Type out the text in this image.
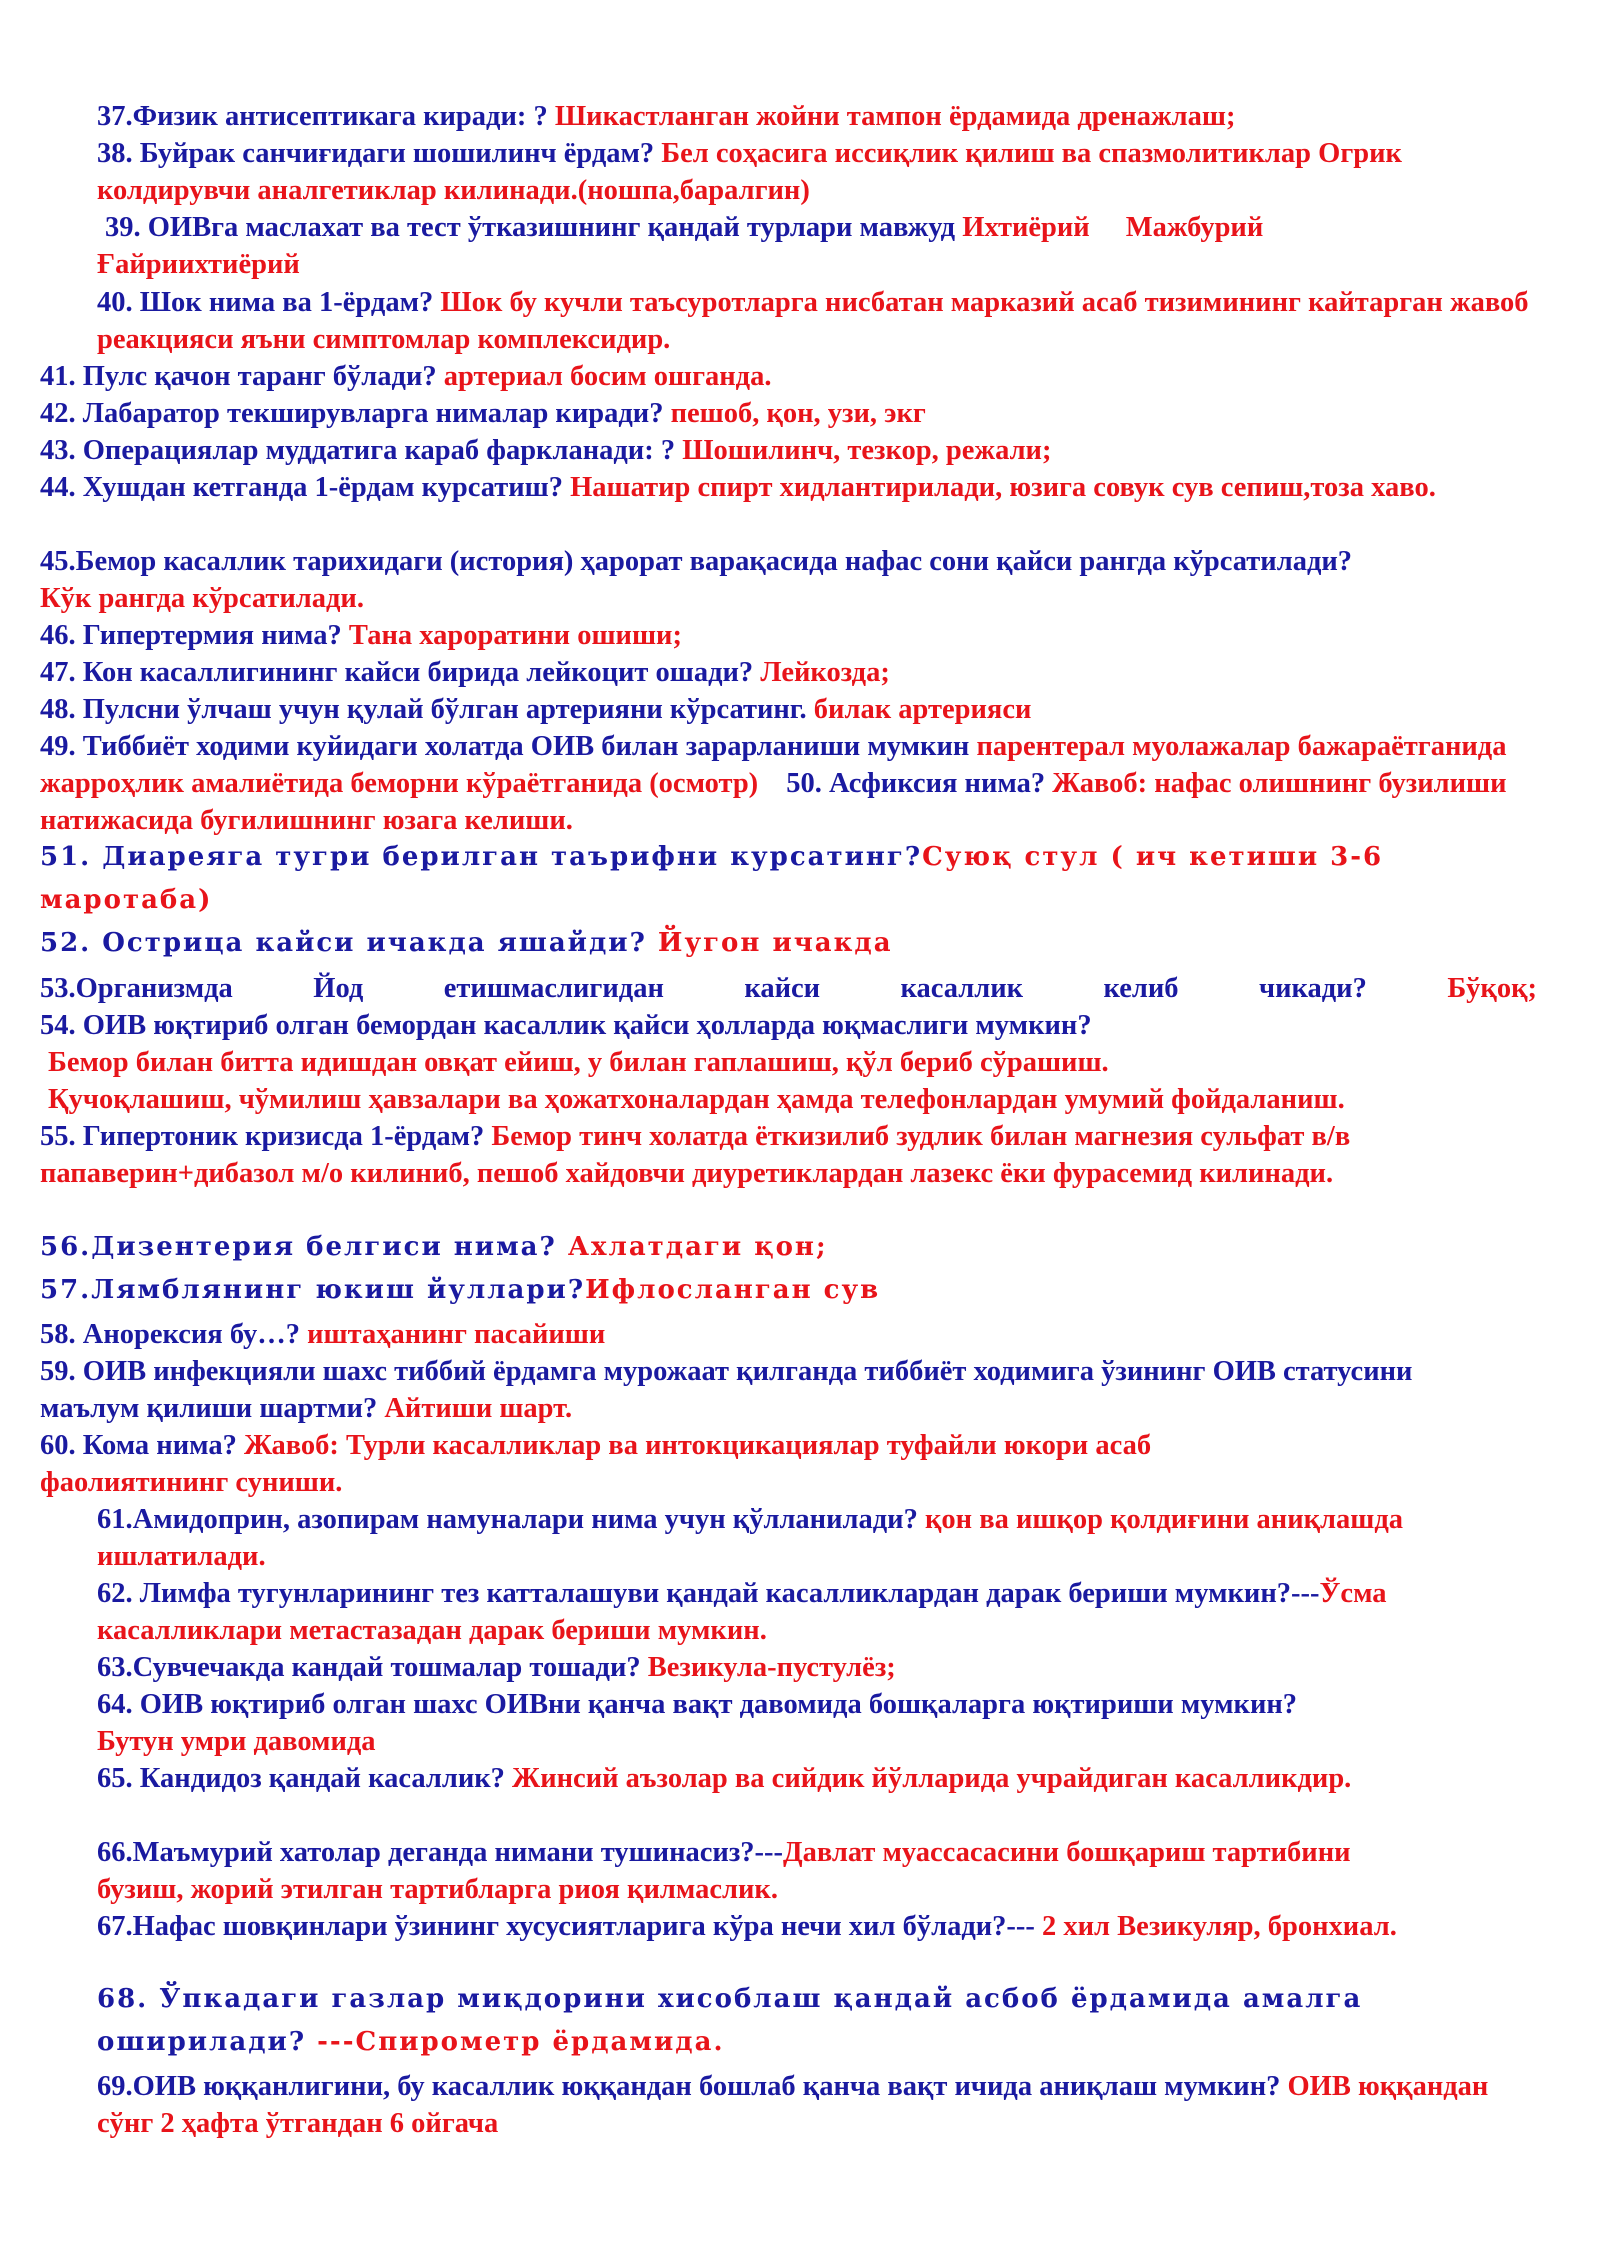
37.Физик антисептикага киради: ? Шикастланган жойни тампон ёрдамида дренажлаш;

38. Буйрак санчиғидаги шошилинч ёрдам? Бел соҳасига иссиқлик қилиш ва спазмолитиклар Огрик колдирувчи аналгетиклар килинади.(ношпа,баралгин)

39. ОИВга маслахат ва тест ўтказишнинг қандай турлари мавжуд Ихтиёрий Мажбурий
Ғайриихтиёрий

40. Шок нима ва 1-ёрдам? Шок бу кучли таъсуротларга нисбатан марказий асаб тизимининг кайтарган жавоб реакцияси яъни симптомлар комплексидир.

41. Пулс қачон таранг бўлади? артериал босим ошганда.

42. Лабаратор текширувларга нималар киради? пешоб, қон, узи, экг

43. Операциялар муддатига караб фаркланади: ? Шошилинч, тезкор, режали;

44. Хушдан кетганда 1-ёрдам курсатиш? Нашатир спирт хидлантирилади, юзига совук сув сепиш,тоза хаво.

45.Бемор касаллик тарихидаги (история) ҳарорат варақасида нафас сони қайси рангда кўрсатилади? Кўк рангда кўрсатилади.

46. Гипертермия нима? Тана хароратини ошиши;

47. Кон касаллигининг кайси бирида лейкоцит ошади? Лейкозда;

48. Пулсни ўлчаш учун қулай бўлган артерияни кўрсатинг. билак артерияси

49. Тиббиёт ходими куйидаги холатда ОИВ билан зарарланиши мумкин парентерал муолажалар бажараётганида жарроҳлик амалиётида беморни кўраётганида (осмотр) 50. Асфиксия нима? Жавоб: нафас олишнинг бузилиши натижасида бугилишнинг юзага келиши.

51. Диареяга тугри берилган таърифни курсатинг?Суюқ стул ( ич кетиши 3-6 маротаба)

52. Острица кайси ичакда яшайди? Йугон ичакда

53.Организмда Йод етишмаслигидан кайси касаллик келиб чикади? Бўқоқ;

54. ОИВ юқтириб олган бемордан касаллик қайси ҳолларда юқмаслиги мумкин?
Бемор билан битта идишдан овқат ейиш, у билан гаплашиш, қўл бериб сўрашиш.
Қучоқлашиш, чўмилиш ҳавзалари ва ҳожатхоналардан ҳамда телефонлардан умумий фойдаланиш.

55. Гипертоник кризисда 1-ёрдам? Бемор тинч холатда ёткизилиб зудлик билан магнезия сульфат в/в папаверин+дибазол м/о килиниб, пешоб хайдовчи диуретиклардан лазекс ёки фурасемид килинади.

56.Дизентерия белгиси нима? Ахлатдаги қон;

57.Лямблянинг юкиш йуллари?Ифлосланган сув

58. Анорексия бу…? иштаҳанинг пасайиши

59. ОИВ инфекцияли шахс тиббий ёрдамга мурожаат қилганда тиббиёт ходимига ўзининг ОИВ статусини маълум қилиши шартми? Айтиши шарт.

60. Кома нима? Жавоб: Турли касалликлар ва интокцикациялар туфайли юкори асаб фаолиятининг суниши.

61.Амидоприн, азопирам намуналари нима учун қўлланилади? қон ва ишқор қолдиғини аниқлашда ишлатилади.

62. Лимфа тугунларининг тез катталашуви қандай касалликлардан дарак бериши мумкин?---Ўсма касалликлари метастазадан дарак бериши мумкин.

63.Сувчечакда кандай тошмалар тошади? Везикула-пустулёз;

64. ОИВ юқтириб олган шахс ОИВни қанча вақт давомида бошқаларга юқтириши мумкин?
Бутун умри давомида

65. Кандидоз қандай касаллик? Жинсий аъзолар ва сийдик йўлларида учрайдиган касалликдир.

66.Маъмурий хатолар деганда нимани тушинасиз?---Давлат муассасасини бошқариш тартибини бузиш, жорий этилган тартибларга риоя қилмаслик.

67.Нафас шовқинлари ўзининг хусусиятларига кўра нечи хил бўлади?--- 2 хил Везикуляр, бронхиал.

68. Ўпкадаги газлар миқдорини хисоблаш қандай асбоб ёрдамида амалга оширилади? ---Спирометр ёрдамида.

69.ОИВ юққанлигини, бу касаллик юққандан бошлаб қанча вақт ичида аниқлаш мумкин? ОИВ юққандан сўнг 2 ҳафта ўтгандан 6 ойгача
